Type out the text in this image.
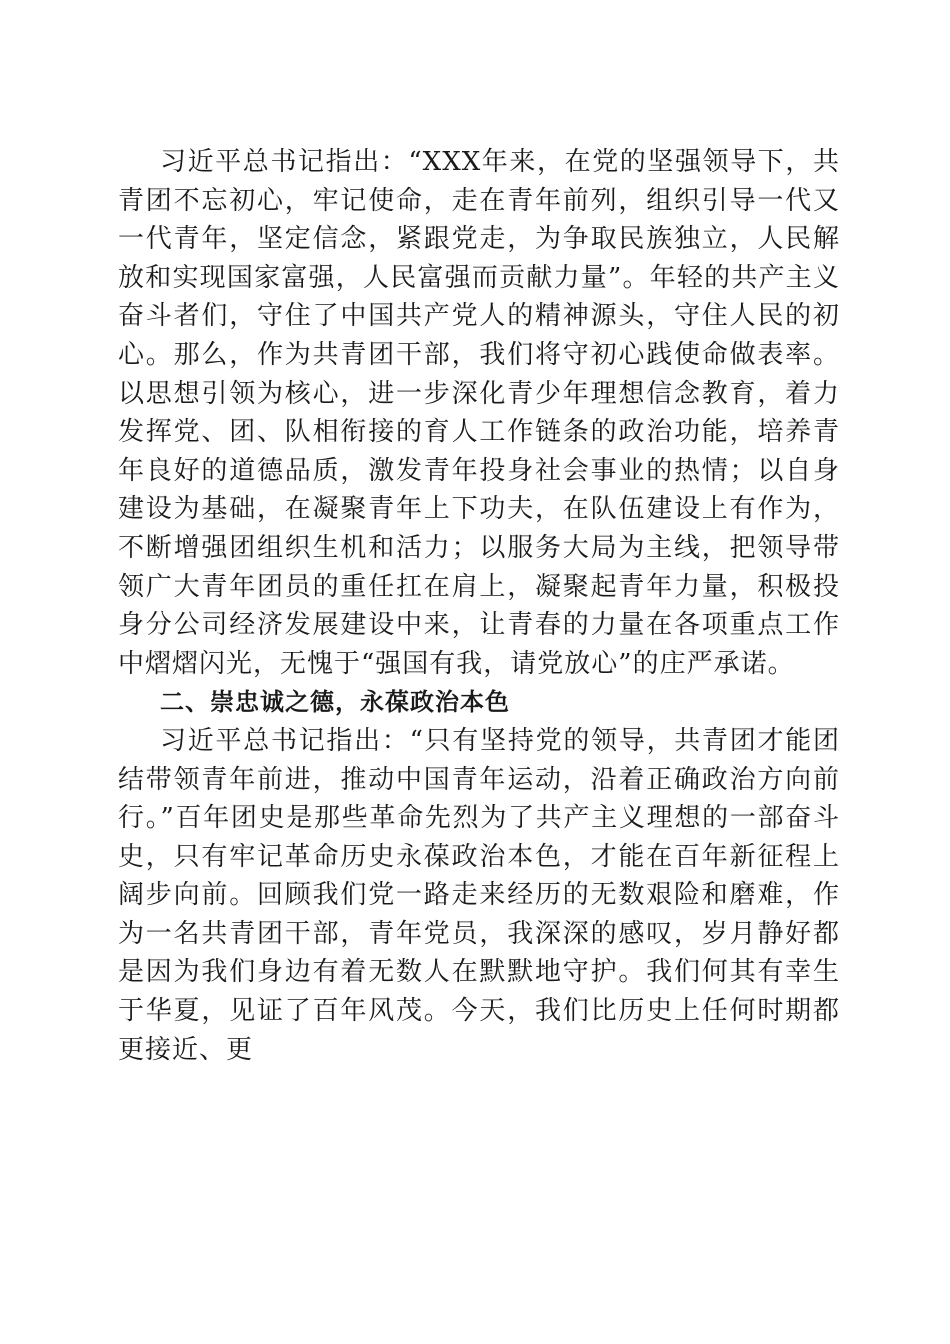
习近平总书记指出：“XXX年来，在党的坚强领导下，共青团不忘初心，牢记使命，走在青年前列，组织引导一代又一代青年，坚定信念，紧跟党走，为争取民族独立，人民解放和实现国家富强，人民富强而贡献力量”。年轻的共产主义奋斗者们，守住了中国共产党人的精神源头，守住人民的初心。那么，作为共青团干部，我们将守初心践使命做表率。以思想引领为核心，进一步深化青少年理想信念教育，着力发挥党、团、队相衔接的育人工作链条的政治功能，培养青年良好的道德品质，激发青年投身社会事业的热情；以自身建设为基础，在凝聚青年上下功夫，在队伍建设上有作为，不断增强团组织生机和活力；以服务大局为主线，把领导带领广大青年团员的重任扛在肩上，凝聚起青年力量，积极投身分公司经济发展建设中来，让青春的力量在各项重点工作中熠熠闪光，无愧于“强国有我，请党放心”的庄严承诺。

二、崇忠诚之德，永葆政治本色

习近平总书记指出：“只有坚持党的领导，共青团才能团结带领青年前进，推动中国青年运动，沿着正确政治方向前行。”百年团史是那些革命先烈为了共产主义理想的一部奋斗史，只有牢记革命历史永葆政治本色，才能在百年新征程上阔步向前。回顾我们党一路走来经历的无数艰险和磨难，作为一名共青团干部，青年党员，我深深的感叹，岁月静好都是因为我们身边有着无数人在默默地守护。我们何其有幸生于华夏，见证了百年风茂。今天，我们比历史上任何时期都更接近、更
